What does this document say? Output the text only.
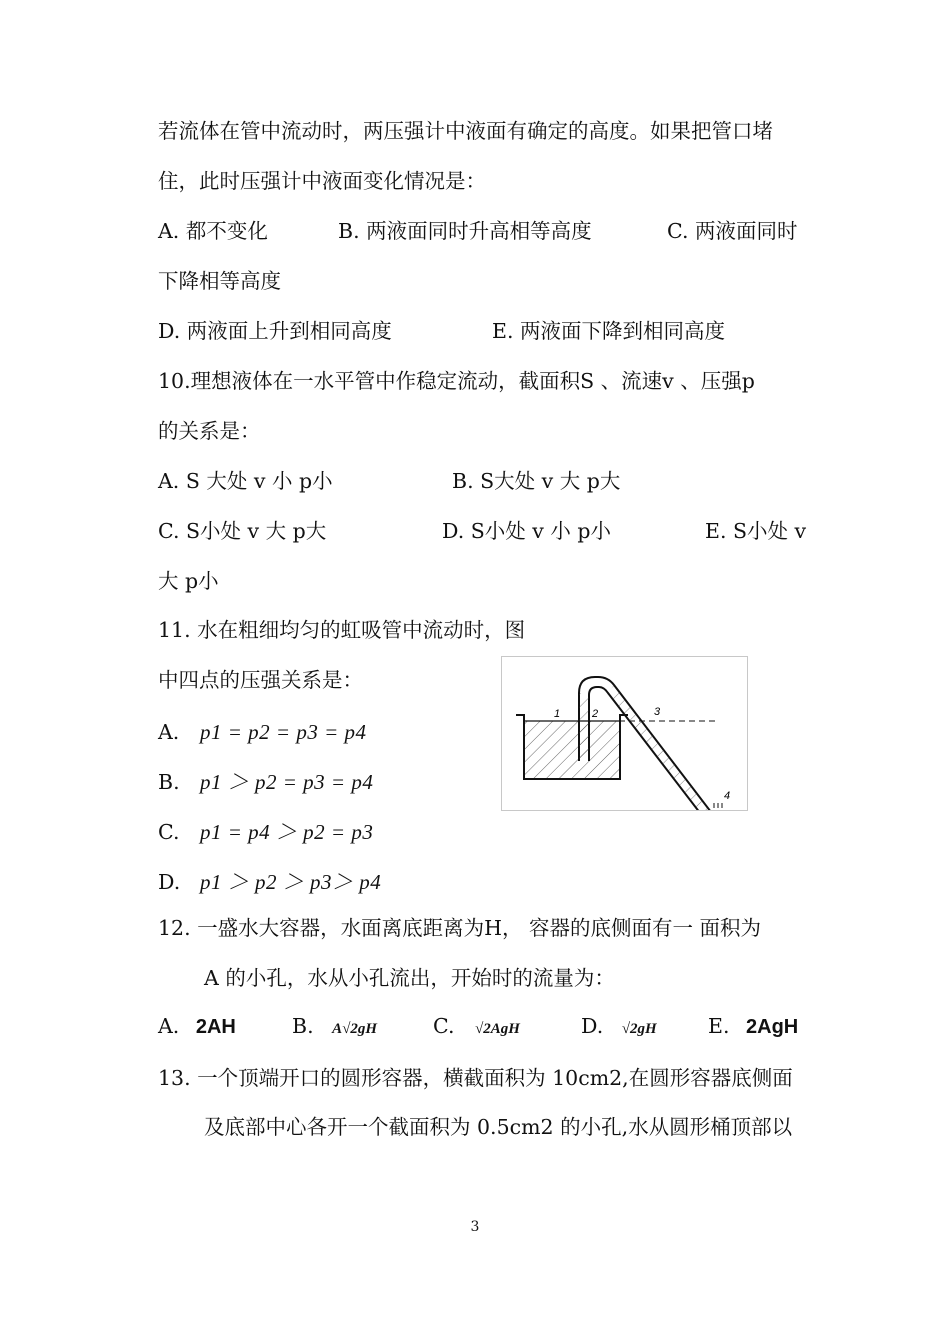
若流体在管中流动时，两压强计中液面有确定的高度。如果把管口堵
住，此时压强计中液面变化情况是：
A. 都不变化	B. 两液面同时升高相等高度	C. 两液面同时
下降相等高度
D. 两液面上升到相同高度	E. 两液面下降到相同高度
10.理想液体在一水平管中作稳定流动，截面积S 、流速v 、压强p
的关系是：
A. S 大处 v 小 p小	B. S大处 v 大 p大
C. S小处 v 大 p大	D. S小处 v 小 p小	E. S小处 v
大 p小
11. 水在粗细均匀的虹吸管中流动时，图
中四点的压强关系是：
A. p1 = p2 = p3 = p4
B. p1 ＞ p2 = p3 = p4
C. p1 = p4 ＞ p2 = p3
D. p1 ＞ p2 ＞ p3＞ p4
1	2	3
4
12. 一盛水大容器，水面离底距离为H， 容器的底侧面有一 面积为
A 的小孔，水从小孔流出，开始时的流量为：
A. 2AH	B. A√2gH	C. √2AgH	D. √2gH	E. 2AgH
13. 一个顶端开口的圆形容器，横截面积为 10cm2,在圆形容器底侧面
及底部中心各开一个截面积为 0.5cm2 的小孔,水从圆形桶顶部以
3
